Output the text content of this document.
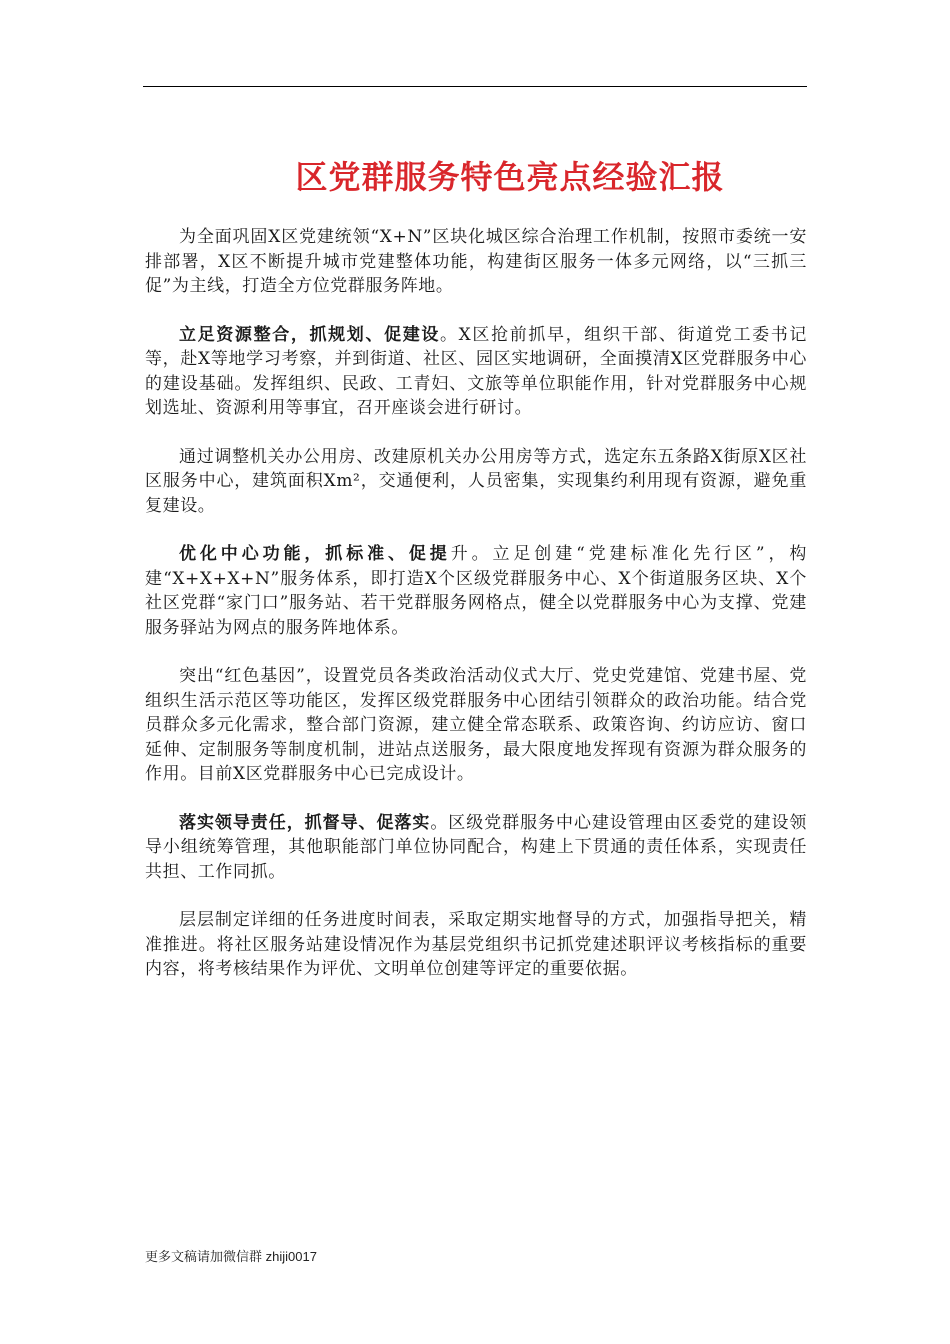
区党群服务特色亮点经验汇报

为全面巩固X区党建统领“X+N”区块化城区综合治理工作机制，按照市委统一安排部署，X区不断提升城市党建整体功能，构建街区服务一体多元网络，以“三抓三促”为主线，打造全方位党群服务阵地。

立足资源整合，抓规划、促建设。X区抢前抓早，组织干部、街道党工委书记等，赴X等地学习考察，并到街道、社区、园区实地调研，全面摸清X区党群服务中心的建设基础。发挥组织、民政、工青妇、文旅等单位职能作用，针对党群服务中心规划选址、资源利用等事宜，召开座谈会进行研讨。

通过调整机关办公用房、改建原机关办公用房等方式，选定东五条路X街原X区社区服务中心，建筑面积Xm²，交通便利，人员密集，实现集约利用现有资源，避免重复建设。

优化中心功能，抓标准、促提升。立足创建“党建标准化先行区”，构建“X+X+X+N”服务体系，即打造X个区级党群服务中心、X个街道服务区块、X个社区党群“家门口”服务站、若干党群服务网格点，健全以党群服务中心为支撑、党建服务驿站为网点的服务阵地体系。

突出“红色基因”，设置党员各类政治活动仪式大厅、党史党建馆、党建书屋、党组织生活示范区等功能区，发挥区级党群服务中心团结引领群众的政治功能。结合党员群众多元化需求，整合部门资源，建立健全常态联系、政策咨询、约访应访、窗口延伸、定制服务等制度机制，进站点送服务，最大限度地发挥现有资源为群众服务的作用。目前X区党群服务中心已完成设计。

落实领导责任，抓督导、促落实。区级党群服务中心建设管理由区委党的建设领导小组统筹管理，其他职能部门单位协同配合，构建上下贯通的责任体系，实现责任共担、工作同抓。

层层制定详细的任务进度时间表，采取定期实地督导的方式，加强指导把关，精准推进。将社区服务站建设情况作为基层党组织书记抓党建述职评议考核指标的重要内容，将考核结果作为评优、文明单位创建等评定的重要依据。

更多文稿请加微信群 zhiji0017
